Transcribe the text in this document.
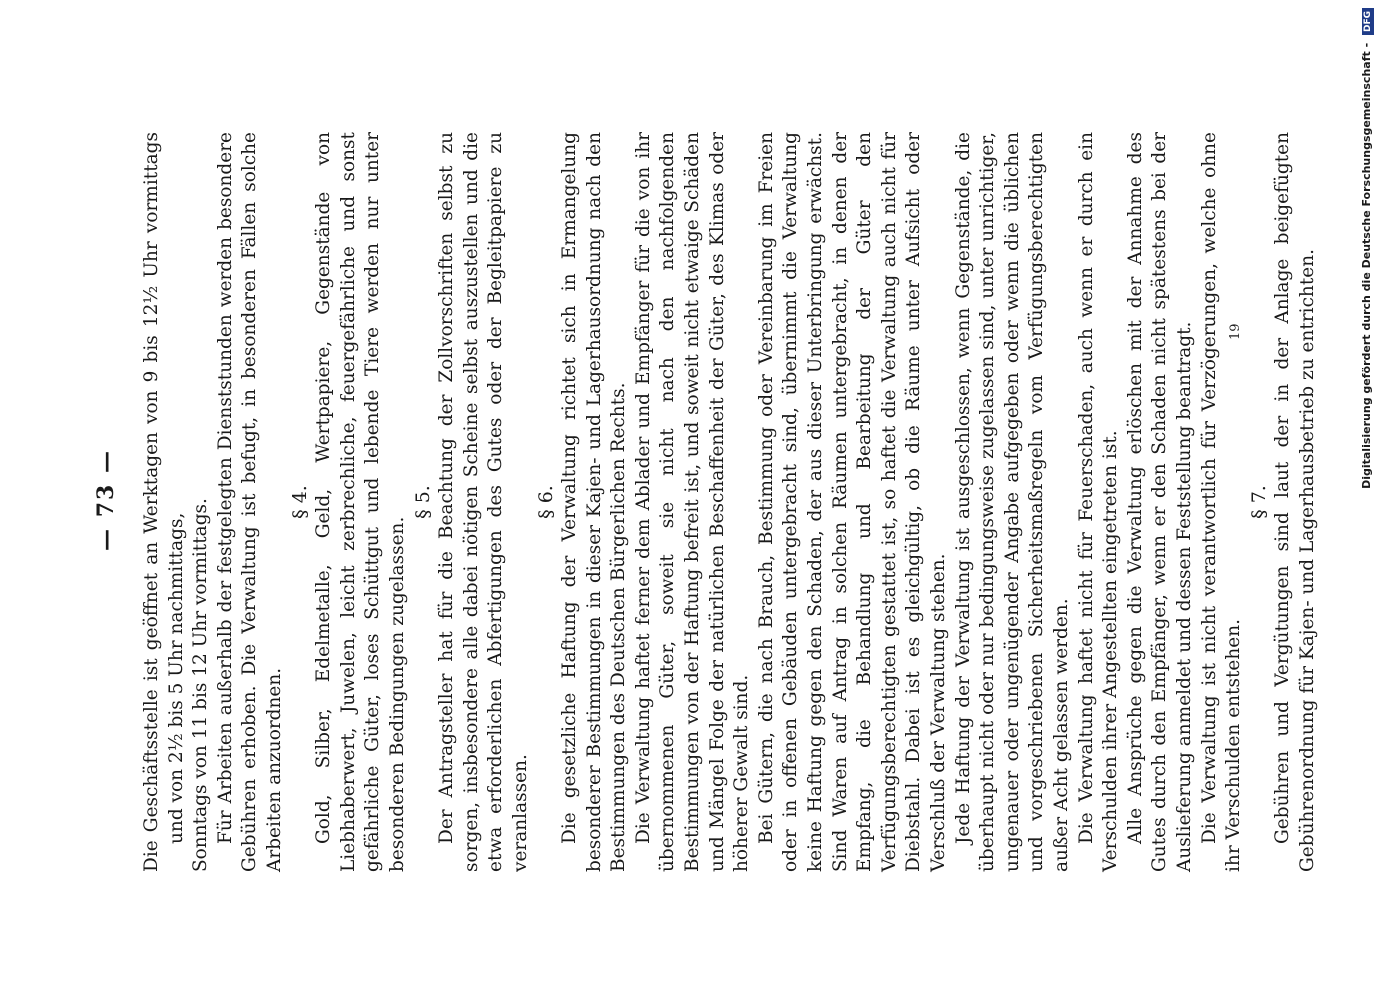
— 73 — Die Geschäftsstelle ist geöffnet an Werktagen von 9 bis 12½ Uhr vormittags und von 2½ bis 5 Uhr nachmittags, Sonntags von 11 bis 12 Uhr vormittags. Für Arbeiten außerhalb der festgelegten Dienststunden werden besondere Gebühren erhoben. Die Verwaltung ist befugt, in besonderen Fällen solche Arbeiten anzuordnen.

§ 4. Gold, Silber, Edelmetalle, Geld, Wertpapiere, Gegenstände von Liebhaberwert, Juwelen, leicht zerbrechliche, feuergefährliche und sonst gefährliche Güter, loses Schüttgut und lebende Tiere werden nur unter besonderen Bedingungen zugelassen.

§ 5. Der Antragsteller hat für die Beachtung der Zollvorschriften selbst zu sorgen, insbesondere alle dabei nötigen Scheine selbst auszustellen und die etwa erforderlichen Abfertigungen des Gutes oder der Begleitpapiere zu veranlassen.

§ 6. Die gesetzliche Haftung der Verwaltung richtet sich in Ermangelung besonderer Bestimmungen in dieser Kajen- und Lagerhausordnung nach den Bestimmungen des Deutschen Bürgerlichen Rechts. Die Verwaltung haftet ferner dem Ablader und Empfänger für die von ihr übernommenen Güter, soweit sie nicht nach den nachfolgenden Bestimmungen von der Haftung befreit ist, und soweit nicht etwaige Schäden und Mängel Folge der natürlichen Beschaffenheit der Güter, des Klimas oder höherer Gewalt sind. Bei Gütern, die nach Brauch, Bestimmung oder Vereinbarung im Freien oder in offenen Gebäuden untergebracht sind, übernimmt die Verwaltung keine Haftung gegen den Schaden, der aus dieser Unterbringung erwächst. Sind Waren auf Antrag in solchen Räumen untergebracht, in denen der Empfang, die Behandlung und Bearbeitung der Güter den Verfügungsberechtigten gestattet ist, so haftet die Verwaltung auch nicht für Diebstahl. Dabei ist es gleichgültig, ob die Räume unter Aufsicht oder Verschluß der Verwaltung stehen. Jede Haftung der Verwaltung ist ausgeschlossen, wenn Gegenstände, die überhaupt nicht oder nur bedingungsweise zugelassen sind, unter unrichtiger, ungenauer oder ungenügender Angabe aufgegeben oder wenn die üblichen und vorgeschriebenen Sicherheitsmaßregeln vom Verfügungsberechtigten außer Acht gelassen werden. Die Verwaltung haftet nicht für Feuerschaden, auch wenn er durch ein Verschulden ihrer Angestellten eingetreten ist. Alle Ansprüche gegen die Verwaltung erlöschen mit der Annahme des Gutes durch den Empfänger, wenn er den Schaden nicht spätestens bei der Auslieferung anmeldet und dessen Feststellung beantragt. Die Verwaltung ist nicht verantwortlich für Verzögerungen, welche ohne ihr Verschulden entstehen.

§ 7. Gebühren und Vergütungen sind laut der in der Anlage beigefügten Gebührenordnung für Kajen- und Lagerhausbetrieb zu entrichten.

19	Digitalisierung gefördert durch die Deutsche Forschungsgemeinschaft - DFG
